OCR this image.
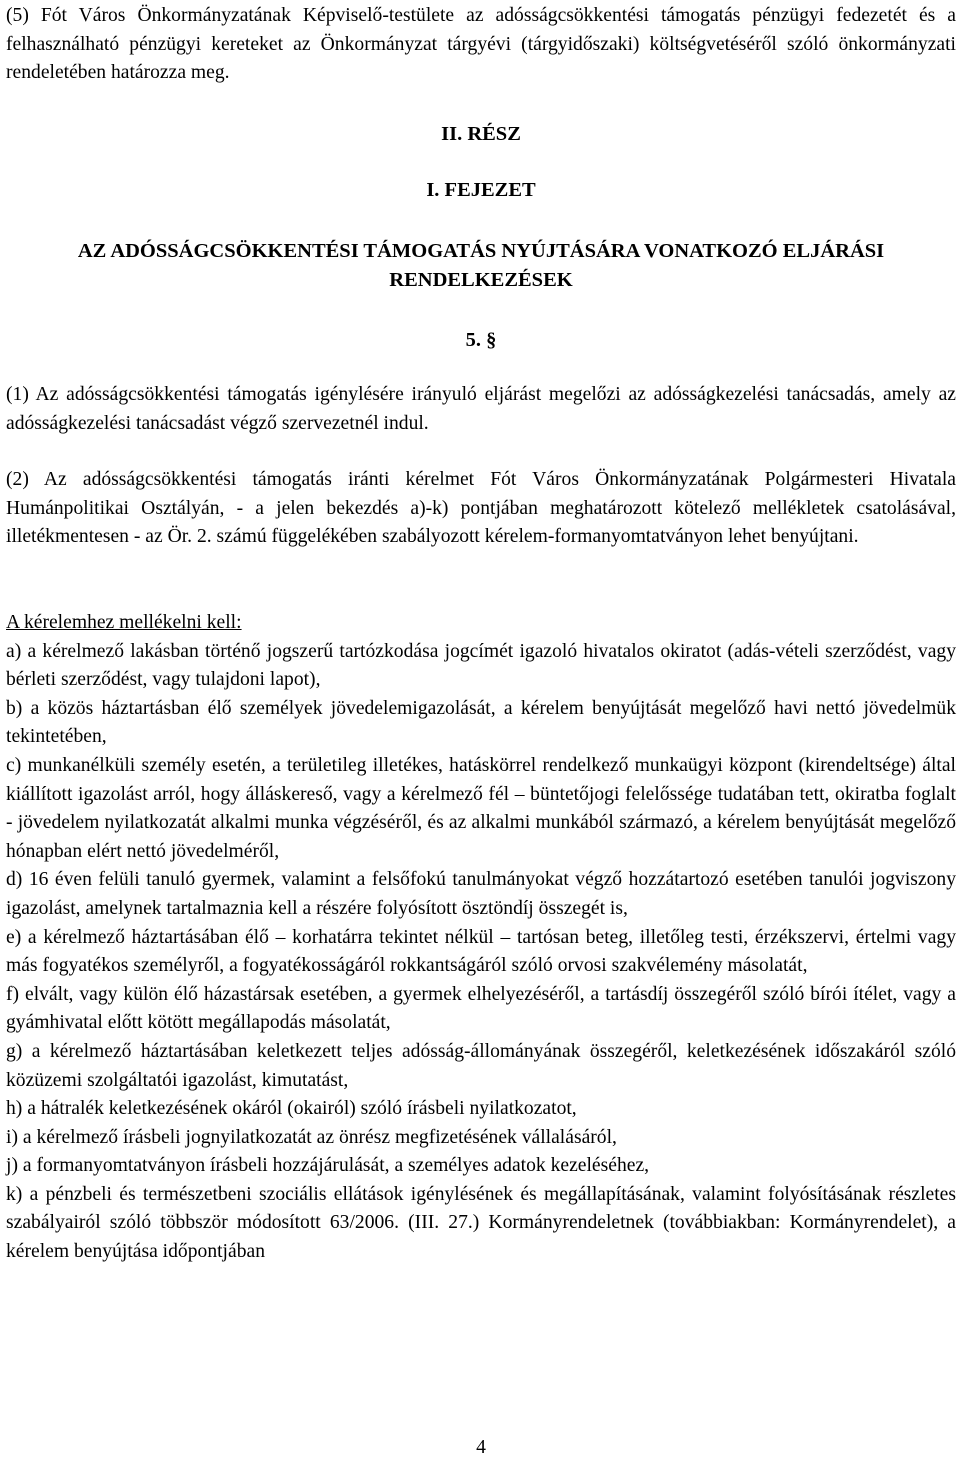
(5) Fót Város Önkormányzatának Képviselő-testülete az adósságcsökkentési támogatás pénzügyi fedezetét és a felhasználható pénzügyi kereteket az Önkormányzat tárgyévi (tárgyidőszaki) költségvetéséről szóló önkormányzati rendeletében határozza meg.

II. RÉSZ
I. FEJEZET
AZ ADÓSSÁGCSÖKKENTÉSI TÁMOGATÁS NYÚJTÁSÁRA VONATKOZÓ ELJÁRÁSI RENDELKEZÉSEK

5. §

(1) Az adósságcsökkentési támogatás igénylésére irányuló eljárást megelőzi az adósságkezelési tanácsadás, amely az adósságkezelési tanácsadást végző szervezetnél indul.

(2) Az adósságcsökkentési támogatás iránti kérelmet Fót Város Önkormányzatának Polgármesteri Hivatala Humánpolitikai Osztályán, - a jelen bekezdés a)-k) pontjában meghatározott kötelező mellékletek csatolásával, illetékmentesen - az Ör. 2. számú függelékében szabályozott kérelem-formanyomtatványon lehet benyújtani.

A kérelemhez mellékelni kell:

a) a kérelmező lakásban történő jogszerű tartózkodása jogcímét igazoló hivatalos okiratot (adás-vételi szerződést, vagy bérleti szerződést, vagy tulajdoni lapot),

b) a közös háztartásban élő személyek jövedelemigazolását, a kérelem benyújtását megelőző havi nettó jövedelmük tekintetében,

c) munkanélküli személy esetén, a területileg illetékes, hatáskörrel rendelkező munkaügyi központ (kirendeltsége) által kiállított igazolást arról, hogy álláskereső, vagy a kérelmező fél – büntetőjogi felelőssége tudatában tett, okiratba foglalt - jövedelem nyilatkozatát alkalmi munka végzéséről, és az alkalmi munkából származó, a kérelem benyújtását megelőző hónapban elért nettó jövedelméről,

d) 16 éven felüli tanuló gyermek, valamint a felsőfokú tanulmányokat végző hozzátartozó esetében tanulói jogviszony igazolást, amelynek tartalmaznia kell a részére folyósított ösztöndíj összegét is,

e) a kérelmező háztartásában élő – korhatárra tekintet nélkül – tartósan beteg, illetőleg testi, érzékszervi, értelmi vagy más fogyatékos személyről, a fogyatékosságáról rokkantságáról szóló orvosi szakvélemény másolatát,

f) elvált, vagy külön élő házastársak esetében, a gyermek elhelyezéséről, a tartásdíj összegéről szóló bírói ítélet, vagy a gyámhivatal előtt kötött megállapodás másolatát,

g) a kérelmező háztartásában keletkezett teljes adósság-állományának összegéről, keletkezésének időszakáról szóló közüzemi szolgáltatói igazolást, kimutatást,

h) a hátralék keletkezésének okáról (okairól) szóló írásbeli nyilatkozatot,

i) a kérelmező írásbeli jognyilatkozatát az önrész megfizetésének vállalásáról,

j) a formanyomtatványon írásbeli hozzájárulását, a személyes adatok kezeléséhez,

k) a pénzbeli és természetbeni szociális ellátások igénylésének és megállapításának, valamint folyósításának részletes szabályairól szóló többször módosított 63/2006. (III. 27.) Kormányrendeletnek (továbbiakban: Kormányrendelet), a kérelem benyújtása időpontjában

4
